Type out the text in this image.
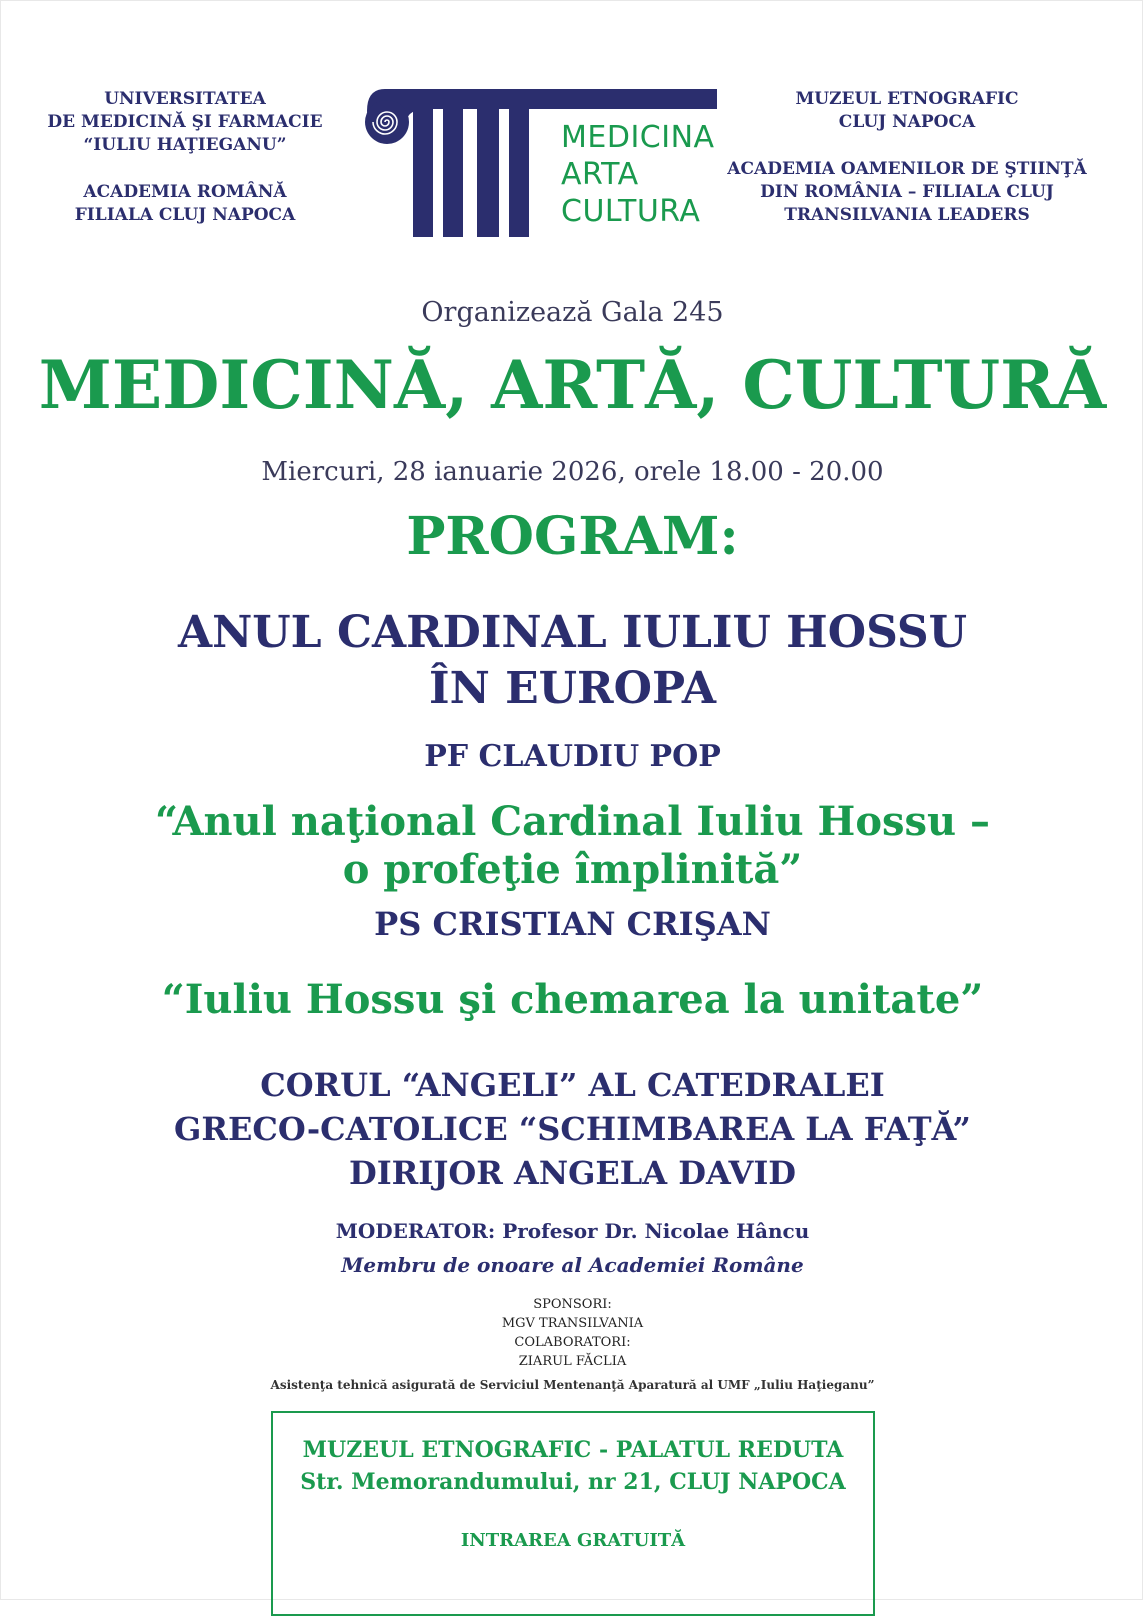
UNIVERSITATEA
DE MEDICINĂ ŞI FARMACIE
“IULIU HAŢIEGANU”
ACADEMIA ROMÂNĂ
FILIALA CLUJ NAPOCA
MEDICINA
ARTA
CULTURA
MUZEUL ETNOGRAFIC
CLUJ NAPOCA
ACADEMIA OAMENILOR DE ŞTIINŢĂ
DIN ROMÂNIA – FILIALA CLUJ
TRANSILVANIA LEADERS
Organizează Gala 245
MEDICINĂ, ARTĂ, CULTURĂ
Miercuri, 28 ianuarie 2026, orele 18.00 - 20.00
PROGRAM:
ANUL CARDINAL IULIU HOSSU
ÎN EUROPA
PF CLAUDIU POP
“Anul naţional Cardinal Iuliu Hossu –
o profeţie împlinită”
PS CRISTIAN CRIŞAN
“Iuliu Hossu şi chemarea la unitate”
CORUL “ANGELI” AL CATEDRALEI
GRECO-CATOLICE “SCHIMBAREA LA FAŢĂ”
DIRIJOR ANGELA DAVID
MODERATOR: Profesor Dr. Nicolae Hâncu
Membru de onoare al Academiei Române
SPONSORI:
MGV TRANSILVANIA
COLABORATORI:
ZIARUL FĂCLIA
Asistenţa tehnică asigurată de Serviciul Mentenanţă Aparatură al UMF „Iuliu Haţieganu”
MUZEUL ETNOGRAFIC - PALATUL REDUTA
Str. Memorandumului, nr 21, CLUJ NAPOCA
INTRAREA GRATUITĂ
